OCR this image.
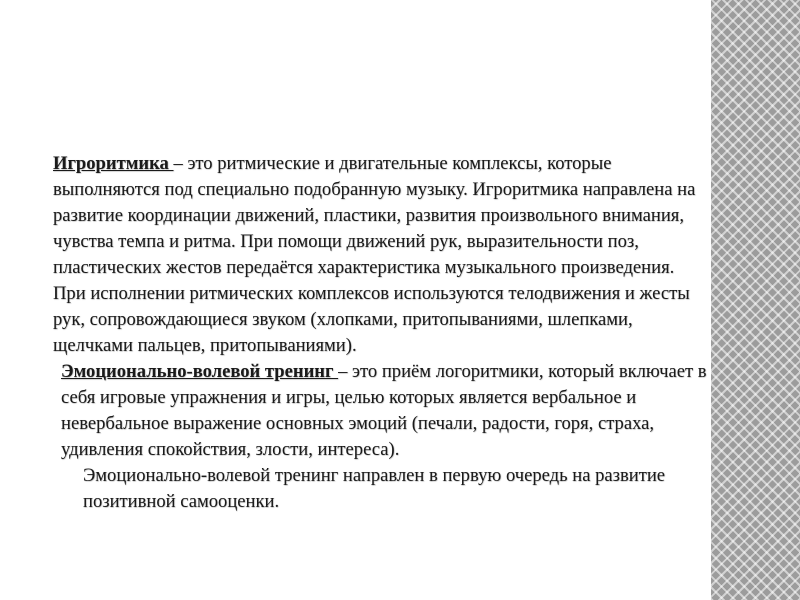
Игроритмика – это ритмические и двигательные комплексы, которые выполняются под специально подобранную музыку. Игроритмика направлена на развитие координации движений, пластики, развития произвольного внимания, чувства темпа и ритма. При помощи движений рук, выразительности поз, пластических жестов передаётся характеристика музыкального произведения. При исполнении ритмических комплексов используются телодвижения и жесты рук, сопровождающиеся звуком (хлопками, притопываниями, шлепками, щелчками пальцев, притопываниями).

Эмоционально-волевой тренинг – это приём логоритмики, который включает в себя игровые упражнения и игры, целью которых является вербальное и невербальное выражение основных эмоций (печали, радости, горя, страха, удивления спокойствия, злости, интереса).

Эмоционально-волевой тренинг направлен в первую очередь на развитие позитивной самооценки.
